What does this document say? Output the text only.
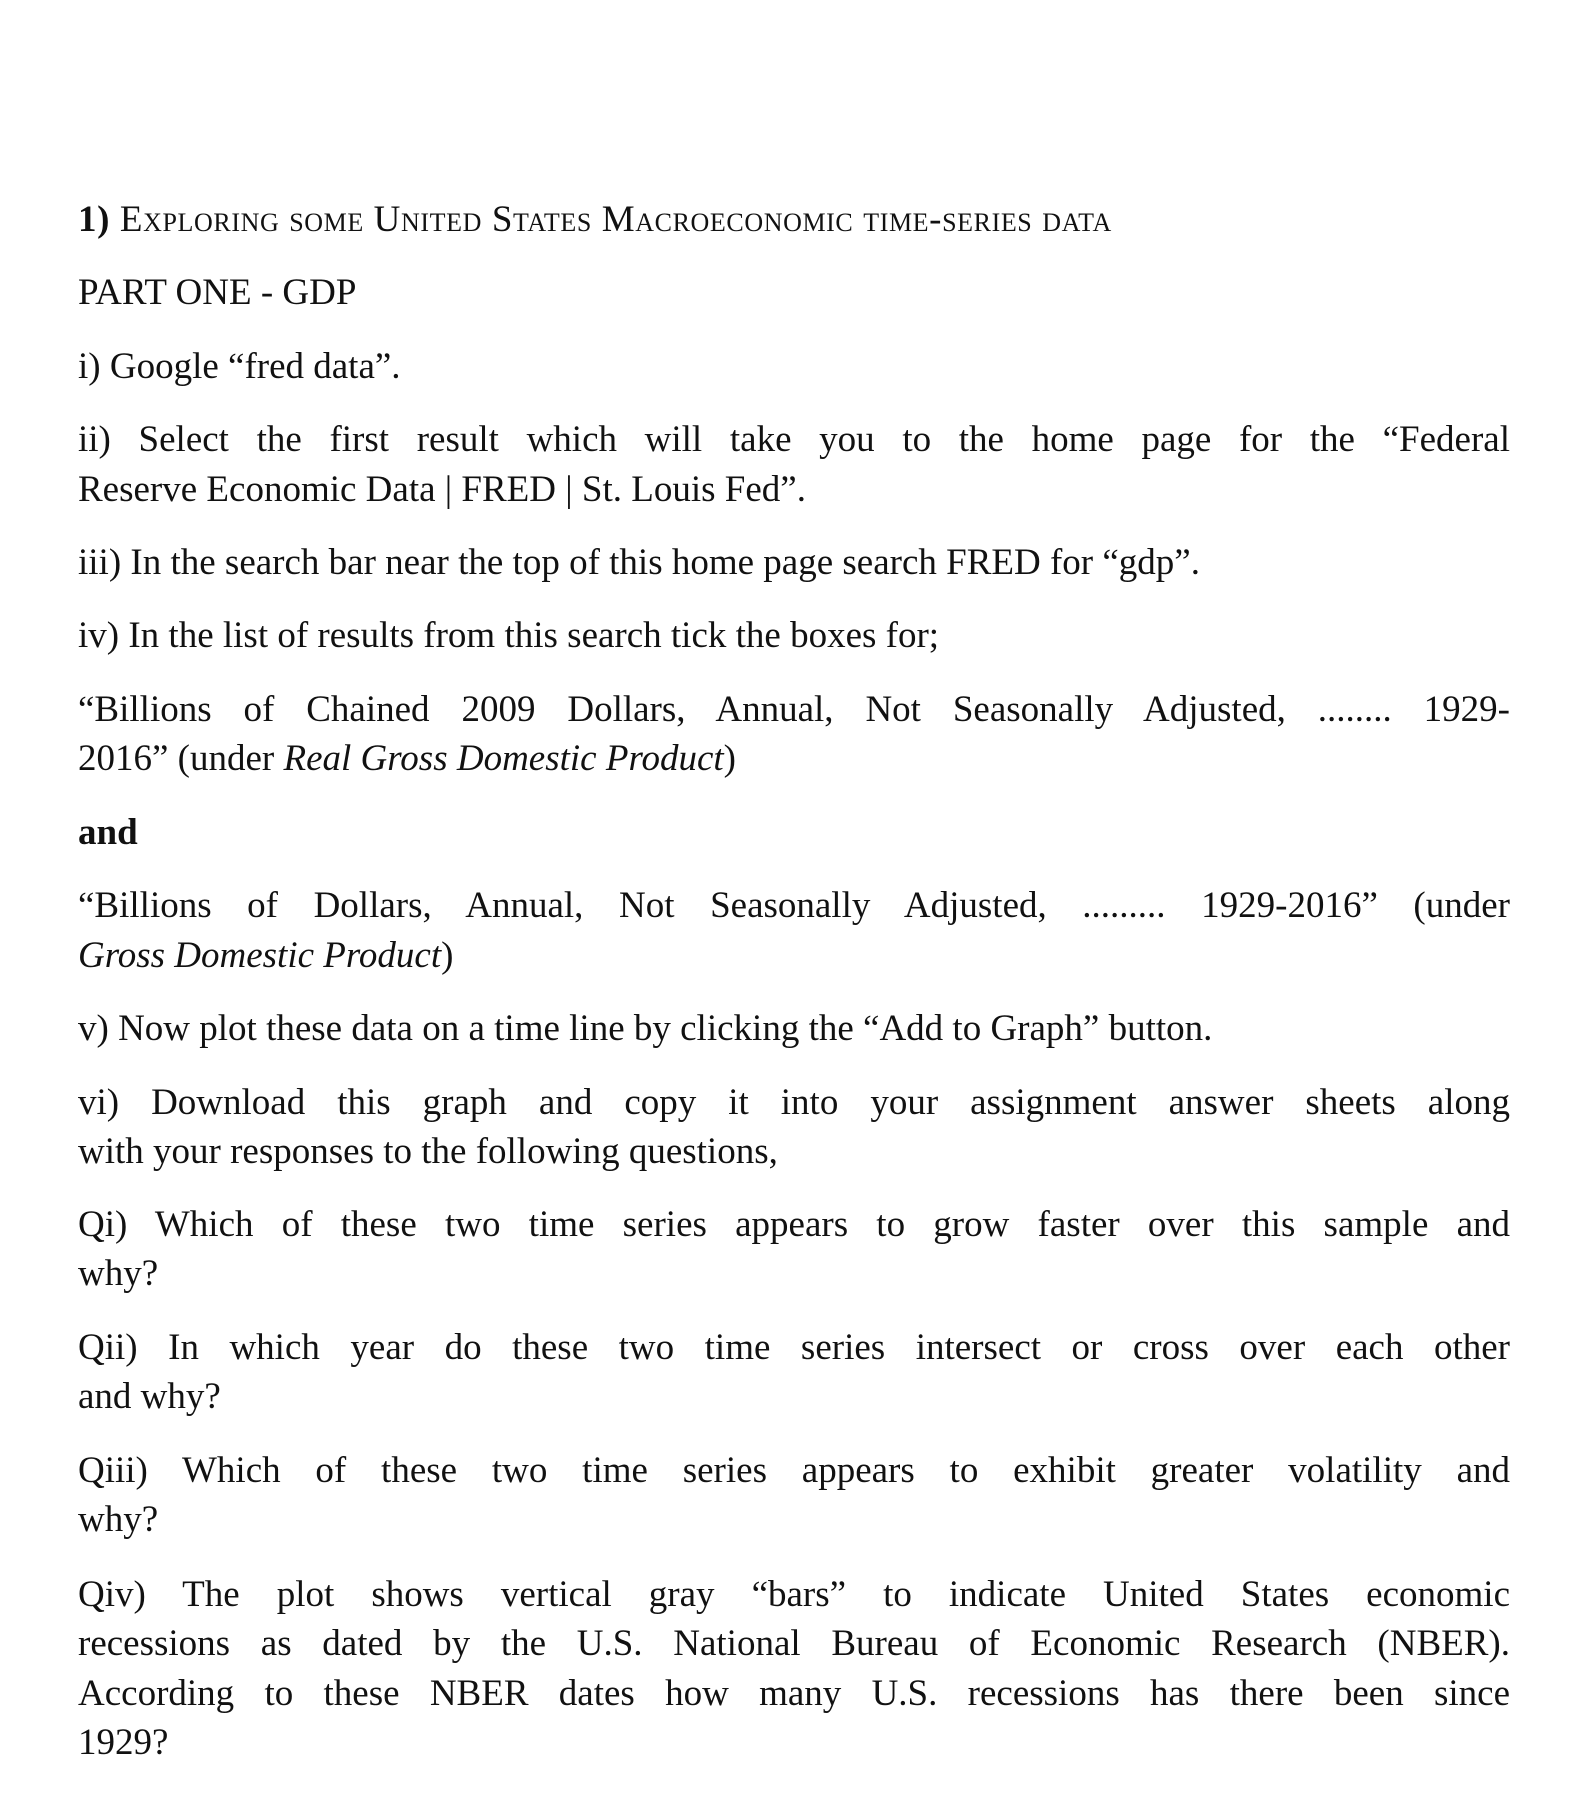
1) Exploring some United States Macroeconomic time-series data
PART ONE - GDP
i) Google “fred data”.
ii) Select the first result which will take you to the home page for the “Federal
Reserve Economic Data | FRED | St. Louis Fed”.
iii) In the search bar near the top of this home page search FRED for “gdp”.
iv) In the list of results from this search tick the boxes for;
“Billions of Chained 2009 Dollars, Annual, Not Seasonally Adjusted, ........ 1929-
2016” (under Real Gross Domestic Product)
and
“Billions of Dollars, Annual, Not Seasonally Adjusted, ......... 1929-2016” (under
Gross Domestic Product)
v) Now plot these data on a time line by clicking the “Add to Graph” button.
vi) Download this graph and copy it into your assignment answer sheets along
with your responses to the following questions,
Qi) Which of these two time series appears to grow faster over this sample and
why?
Qii) In which year do these two time series intersect or cross over each other
and why?
Qiii) Which of these two time series appears to exhibit greater volatility and
why?
Qiv) The plot shows vertical gray “bars” to indicate United States economic
recessions as dated by the U.S. National Bureau of Economic Research (NBER).
According to these NBER dates how many U.S. recessions has there been since
1929?
